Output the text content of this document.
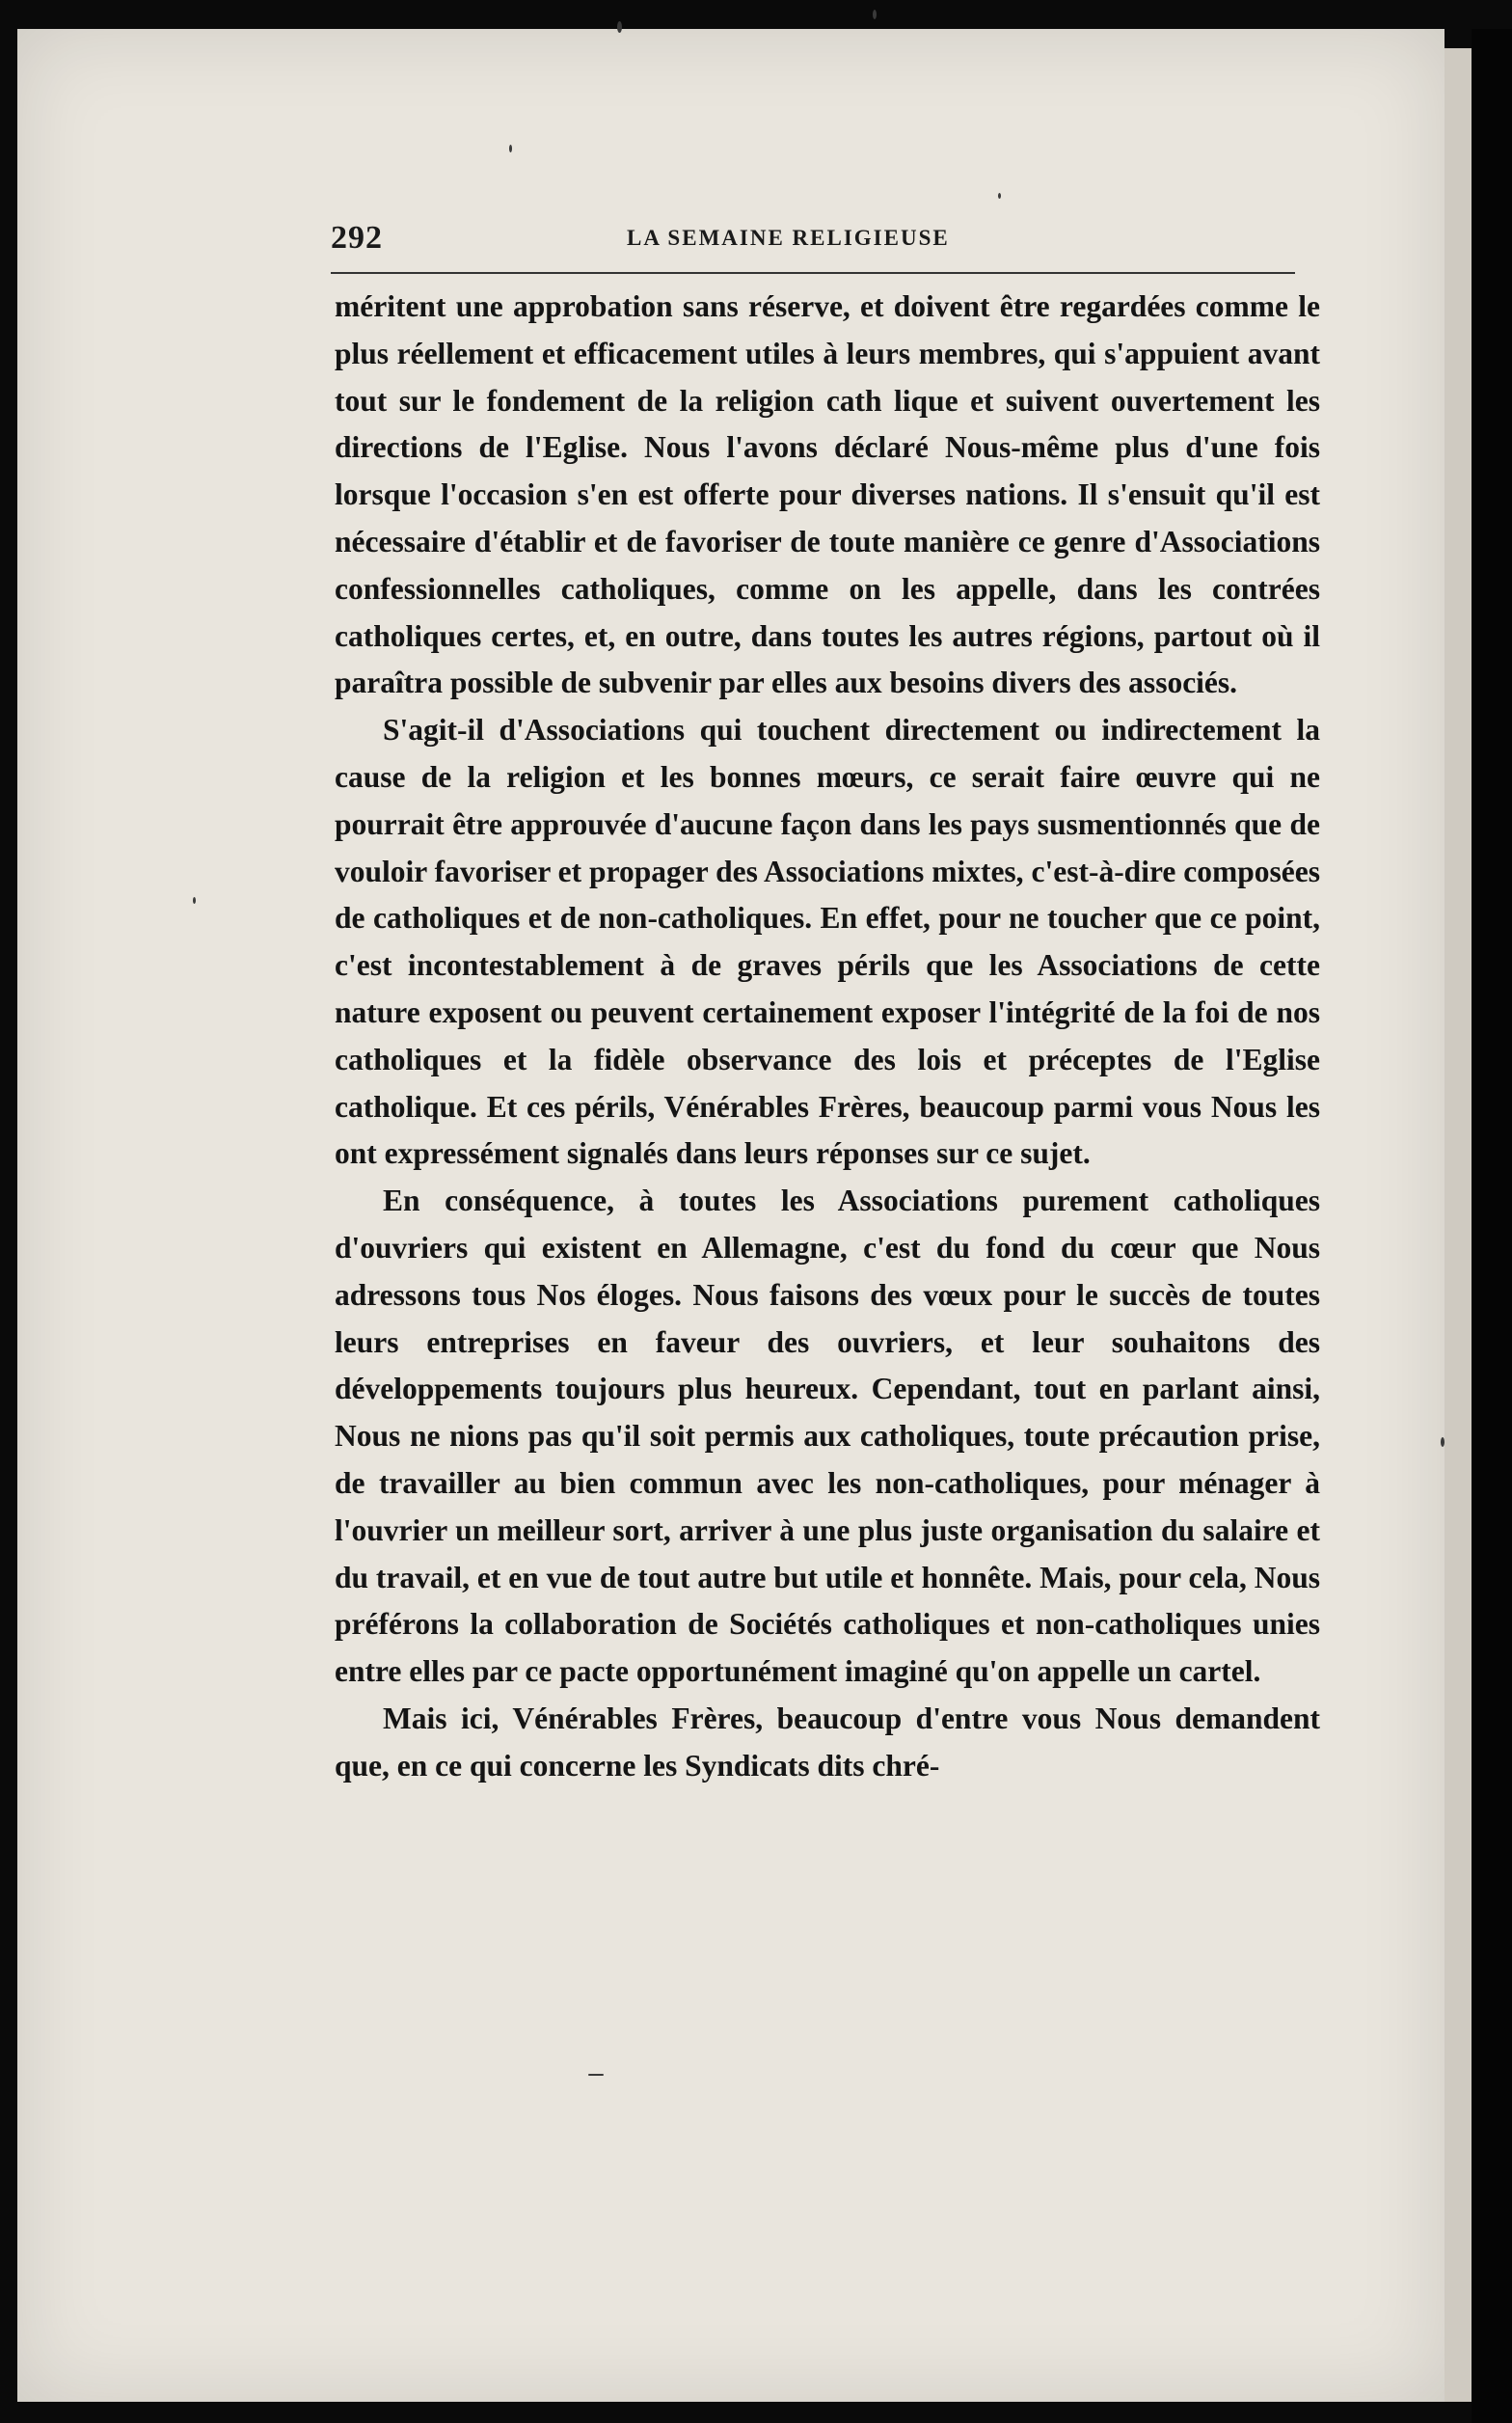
292	LA SEMAINE RELIGIEUSE

méritent une approbation sans réserve, et doivent être regardées comme le plus réellement et efficacement utiles à leurs membres, qui s'appuient avant tout sur le fondement de la religion cath lique et suivent ouvertement les directions de l'Eglise. Nous l'avons déclaré Nous-même plus d'une fois lorsque l'occasion s'en est offerte pour diverses nations. Il s'ensuit qu'il est nécessaire d'établir et de favoriser de toute manière ce genre d'Associations confessionnelles catholiques, comme on les appelle, dans les contrées catholiques certes, et, en outre, dans toutes les autres régions, partout où il paraîtra possible de subvenir par elles aux besoins divers des associés.

S'agit-il d'Associations qui touchent directement ou indirectement la cause de la religion et les bonnes mœurs, ce serait faire œuvre qui ne pourrait être approuvée d'aucune façon dans les pays susmentionnés que de vouloir favoriser et propager des Associations mixtes, c'est-à-dire composées de catholiques et de non-catholiques. En effet, pour ne toucher que ce point, c'est incontestablement à de graves périls que les Associations de cette nature exposent ou peuvent certainement exposer l'intégrité de la foi de nos catholiques et la fidèle observance des lois et préceptes de l'Eglise catholique. Et ces périls, Vénérables Frères, beaucoup parmi vous Nous les ont expressément signalés dans leurs réponses sur ce sujet.

En conséquence, à toutes les Associations purement catholiques d'ouvriers qui existent en Allemagne, c'est du fond du cœur que Nous adressons tous Nos éloges. Nous faisons des vœux pour le succès de toutes leurs entreprises en faveur des ouvriers, et leur souhaitons des développements toujours plus heureux. Cependant, tout en parlant ainsi, Nous ne nions pas qu'il soit permis aux catholiques, toute précaution prise, de travailler au bien commun avec les non-catholiques, pour ménager à l'ouvrier un meilleur sort, arriver à une plus juste organisation du salaire et du travail, et en vue de tout autre but utile et honnête. Mais, pour cela, Nous préférons la collaboration de Sociétés catholiques et non-catholiques unies entre elles par ce pacte opportunément imaginé qu'on appelle un cartel.

Mais ici, Vénérables Frères, beaucoup d'entre vous Nous demandent que, en ce qui concerne les Syndicats dits chré-
